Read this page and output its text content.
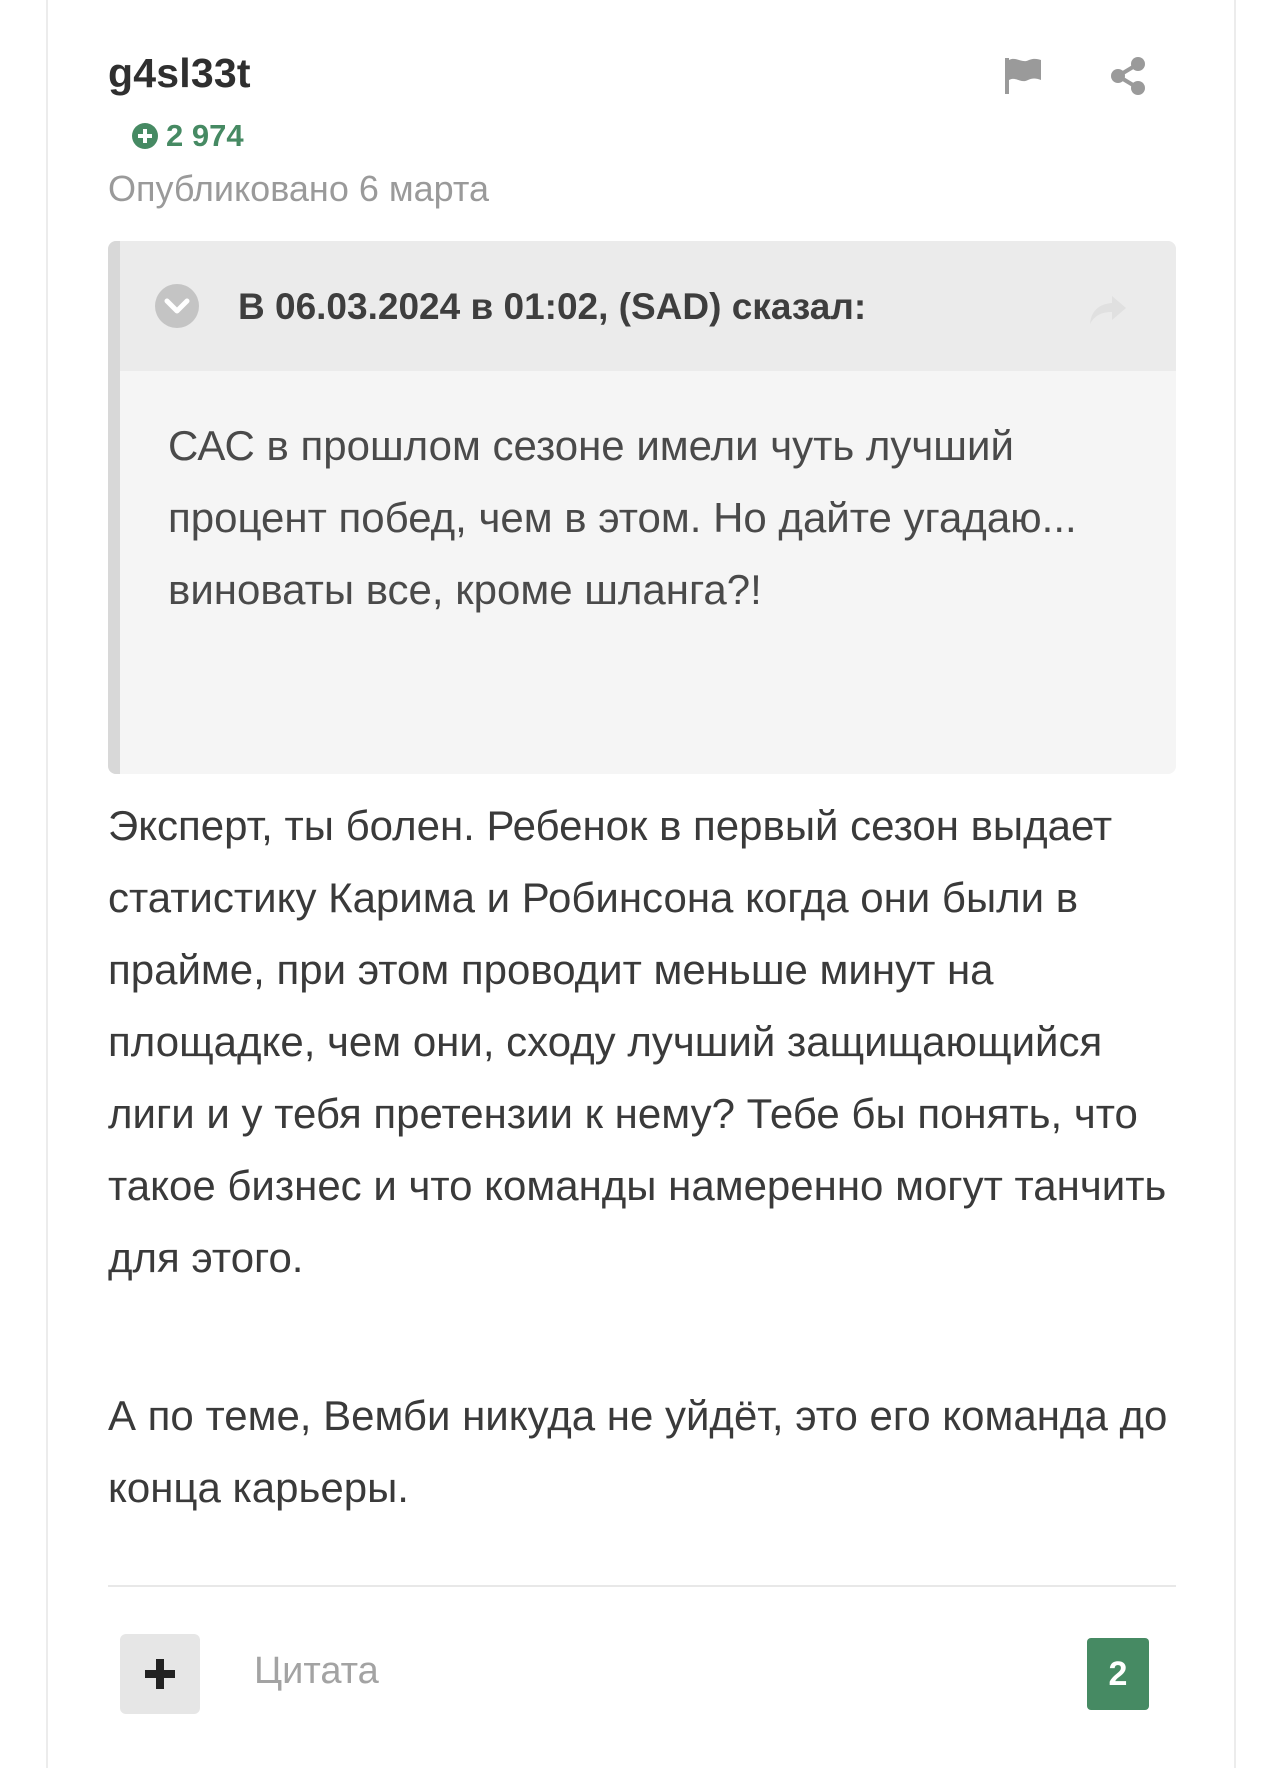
g4sl33t
2 974
Опубликовано 6 марта
В 06.03.2024 в 01:02, (SAD) сказал:
САС в прошлом сезоне имели чуть лучший процент побед, чем в этом. Но дайте угадаю... виноваты все, кроме шланга?!

Эксперт, ты болен. Ребенок в первый сезон выдает статистику Карима и Робинсона когда они были в прайме, при этом проводит меньше минут на площадке, чем они, сходу лучший защищающийся лиги и у тебя претензии к нему? Тебе бы понять, что такое бизнес и что команды намеренно могут танчить для этого.

А по теме, Вемби никуда не уйдёт, это его команда до конца карьеры.

Цитата	2
